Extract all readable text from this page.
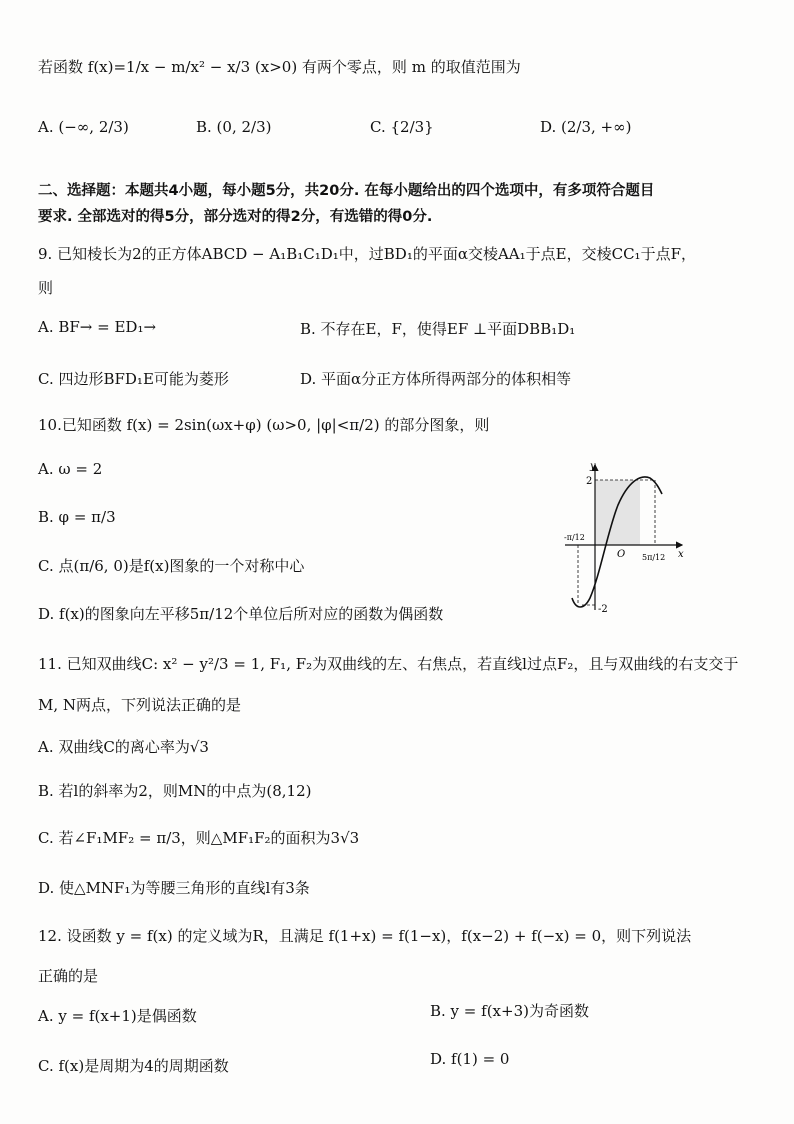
若函数 f(x)=1/x − m/x² − x/3 (x>0) 有两个零点，则 m 的取值范围为
A. (−∞, 2/3)	B. (0, 2/3)	C. {2/3}	D. (2/3, +∞)
二、选择题：本题共4小题，每小题5分，共20分. 在每小题给出的四个选项中，有多项符合题目
要求. 全部选对的得5分，部分选对的得2分，有选错的得0分.
9. 已知棱长为2的正方体ABCD − A₁B₁C₁D₁中，过BD₁的平面α交棱AA₁于点E，交棱CC₁于点F，
则
A. BF→ = ED₁→	B. 不存在E，F，使得EF ⊥平面DBB₁D₁
C. 四边形BFD₁E可能为菱形	D. 平面α分正方体所得两部分的体积相等
10.已知函数 f(x) = 2sin(ωx+φ) (ω>0, |φ|<π/2) 的部分图象，则
A. ω = 2
B. φ = π/3
C. 点(π/6, 0)是f(x)图象的一个对称中心
D. f(x)的图象向左平移5π/12个单位后所对应的函数为偶函数
y
x
O
2
-2
-π/12
5π/12
11. 已知双曲线C: x² − y²/3 = 1, F₁, F₂为双曲线的左、右焦点，若直线l过点F₂，且与双曲线的右支交于
M, N两点，下列说法正确的是
A. 双曲线C的离心率为√3
B. 若l的斜率为2，则MN的中点为(8,12)
C. 若∠F₁MF₂ = π/3，则△MF₁F₂的面积为3√3
D. 使△MNF₁为等腰三角形的直线l有3条
12. 设函数 y = f(x) 的定义域为R，且满足 f(1+x) = f(1−x)，f(x−2) + f(−x) = 0，则下列说法
正确的是
A. y = f(x+1)是偶函数	B. y = f(x+3)为奇函数
C. f(x)是周期为4的周期函数	D. f(1) = 0
